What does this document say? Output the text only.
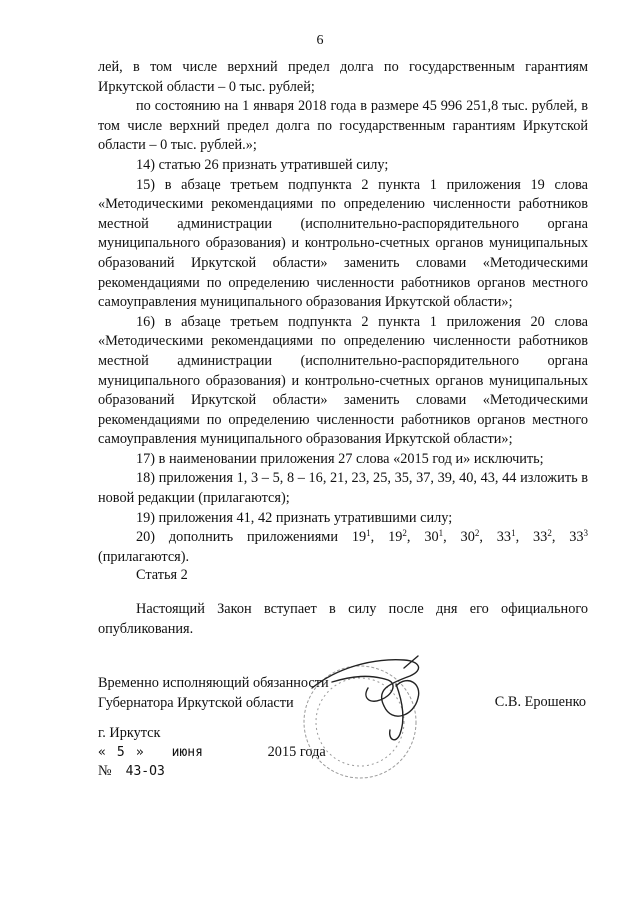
6

лей, в том числе верхний предел долга по государственным гарантиям Иркутской области – 0 тыс. рублей;

по состоянию на 1 января 2018 года в размере 45 996 251,8 тыс. рублей, в том числе верхний предел долга по государственным гарантиям Иркутской области – 0 тыс. рублей.»;

14) статью 26 признать утратившей силу;

15) в абзаце третьем подпункта 2 пункта 1 приложения 19 слова «Методическими рекомендациями по определению численности работников местной администрации (исполнительно-распорядительного органа муниципального образования) и контрольно-счетных органов муниципальных образований Иркутской области» заменить словами «Методическими рекомендациями по определению численности работников органов местного самоуправления муниципального образования Иркутской области»;

16) в абзаце третьем подпункта 2 пункта 1 приложения 20 слова «Методическими рекомендациями по определению численности работников местной администрации (исполнительно-распорядительного органа муниципального образования) и контрольно-счетных органов муниципальных образований Иркутской области» заменить словами «Методическими рекомендациями по определению численности работников органов местного самоуправления муниципального образования Иркутской области»;

17) в наименовании приложения 27 слова «2015 год и» исключить;

18) приложения 1, 3 – 5, 8 – 16, 21, 23, 25, 35, 37, 39, 40, 43, 44 изложить в новой редакции (прилагаются);

19) приложения 41, 42 признать утратившими силу;

20) дополнить приложениями $19^1$, $19^2$, $30^1$, $30^2$, $33^1$, $33^2$, $33^3$ (прилагаются).

Статья 2
Настоящий Закон вступает в силу после дня его официального опубликования.
Временно исполняющий обязанности
Губернатора Иркутской области	С.В. Ерошенко
г. Иркутск
« 5 » июня	2015 года
№ 43-ОЗ
